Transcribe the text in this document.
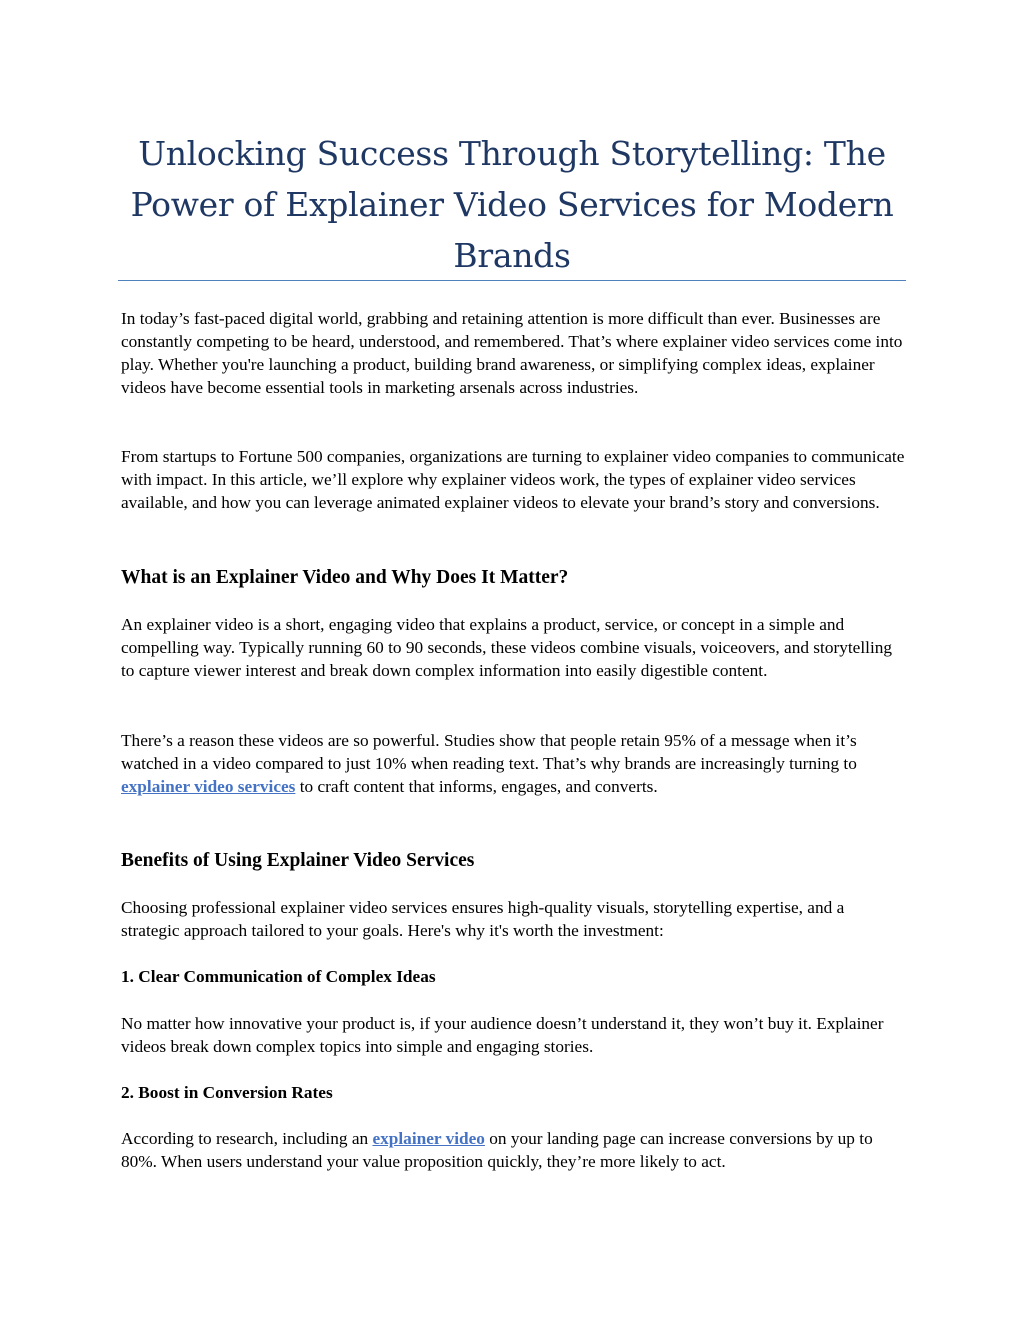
Unlocking Success Through Storytelling: The Power of Explainer Video Services for Modern Brands

In today’s fast-paced digital world, grabbing and retaining attention is more difficult than ever. Businesses are constantly competing to be heard, understood, and remembered. That’s where explainer video services come into play. Whether you're launching a product, building brand awareness, or simplifying complex ideas, explainer videos have become essential tools in marketing arsenals across industries.

From startups to Fortune 500 companies, organizations are turning to explainer video companies to communicate with impact. In this article, we’ll explore why explainer videos work, the types of explainer video services available, and how you can leverage animated explainer videos to elevate your brand’s story and conversions.

What is an Explainer Video and Why Does It Matter?

An explainer video is a short, engaging video that explains a product, service, or concept in a simple and compelling way. Typically running 60 to 90 seconds, these videos combine visuals, voiceovers, and storytelling to capture viewer interest and break down complex information into easily digestible content.

There’s a reason these videos are so powerful. Studies show that people retain 95% of a message when it’s watched in a video compared to just 10% when reading text. That’s why brands are increasingly turning to explainer video services to craft content that informs, engages, and converts.

Benefits of Using Explainer Video Services

Choosing professional explainer video services ensures high-quality visuals, storytelling expertise, and a strategic approach tailored to your goals. Here's why it's worth the investment:

1. Clear Communication of Complex Ideas

No matter how innovative your product is, if your audience doesn’t understand it, they won’t buy it. Explainer videos break down complex topics into simple and engaging stories.

2. Boost in Conversion Rates

According to research, including an explainer video on your landing page can increase conversions by up to 80%. When users understand your value proposition quickly, they’re more likely to act.
